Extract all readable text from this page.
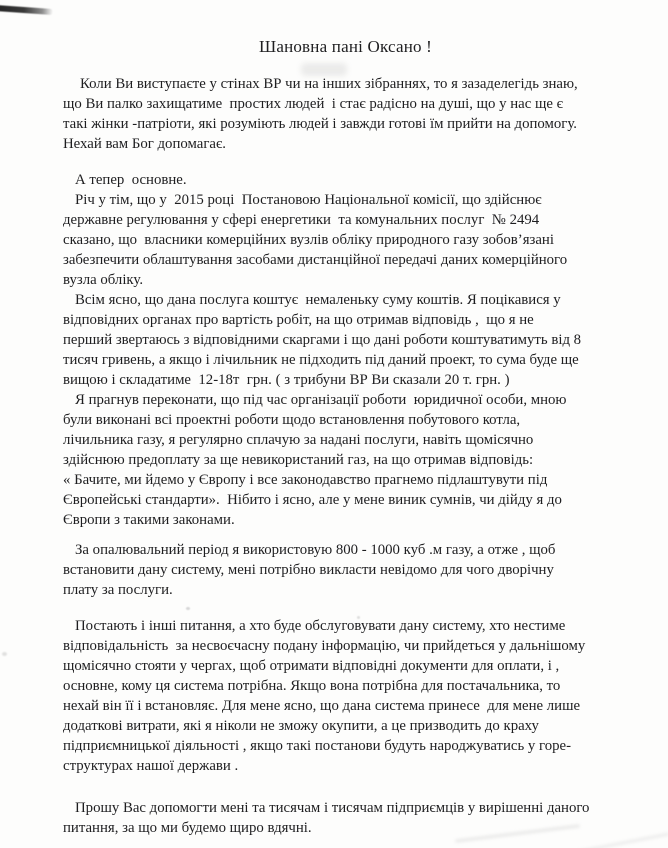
Шановна пані Оксано !

Коли Ви виступаєте у стінах ВР чи на інших зібраннях, то я зазаделегідь знаю,
що Ви палко захищатиме  простих людей  і стає радісно на душі, що у нас ще є
такі жінки -патріоти, які розуміють людей і завжди готові їм прийти на допомогу.
Нехай вам Бог допомагає.

А тепер  основне.

Річ у тім, що у  2015 році  Постановою Національної комісії, що здійснює
державне регулювання у сфері енергетики  та комунальних послуг  № 2494
сказано, що  власники комерційних вузлів обліку природного газу зобов’язані
забезпечити облаштування засобами дистанційної передачі даних комерційного
вузла обліку.

Всім ясно, що дана послуга коштує  немаленьку суму коштів. Я поцікавися у
відповідних органах про вартість робіт, на що отримав відповідь ,  що я не
перший звертаюсь з відповідними скаргами і що дані роботи коштуватимуть від 8
тисяч гривень, а якщо і лічильник не підходить під даний проект, то сума буде ще
вищою і складатиме  12-18т  грн. ( з трибуни ВР Ви сказали 20 т. грн. )

Я прагнув переконати, що під час організації роботи  юридичної особи, мною
були виконані всі проектні роботи щодо встановлення побутового котла,
лічильника газу, я регулярно сплачую за надані послуги, навіть щомісячно
здійснюю предоплату за ще невикористаний газ, на що отримав відповідь:
« Бачите, ми йдемо у Європу і все законодавство прагнемо підлаштувути під
Європейські стандарти».  Нібито і ясно, але у мене виник сумнів, чи дійду я до
Європи з такими законами.

За опалювальний період я використовую 800 - 1000 куб .м газу, а отже , щоб
встановити дану систему, мені потрібно викласти невідомо для чого дворічну
плату за послуги.

Постають і інші питання, а хто буде обслуговувати дану систему, хто нестиме
відповідальність  за несвоєчасну подану інформацію, чи прийдеться у дальнішому
щомісячно стояти у чергах, щоб отримати відповідні документи для оплати, і ,
основне, кому ця система потрібна. Якщо вона потрібна для постачальника, то
нехай він її і встановляє. Для мене ясно, що дана система принесе  для мене лише
додаткові витрати, які я ніколи не зможу окупити, а це призводить до краху
підприємницької діяльності , якщо такі постанови будуть народжуватись у горе-
структурах нашої держави .

Прошу Вас допомогти мені та тисячам і тисячам підприємців у вирішенні даного
питання, за що ми будемо щиро вдячні.
